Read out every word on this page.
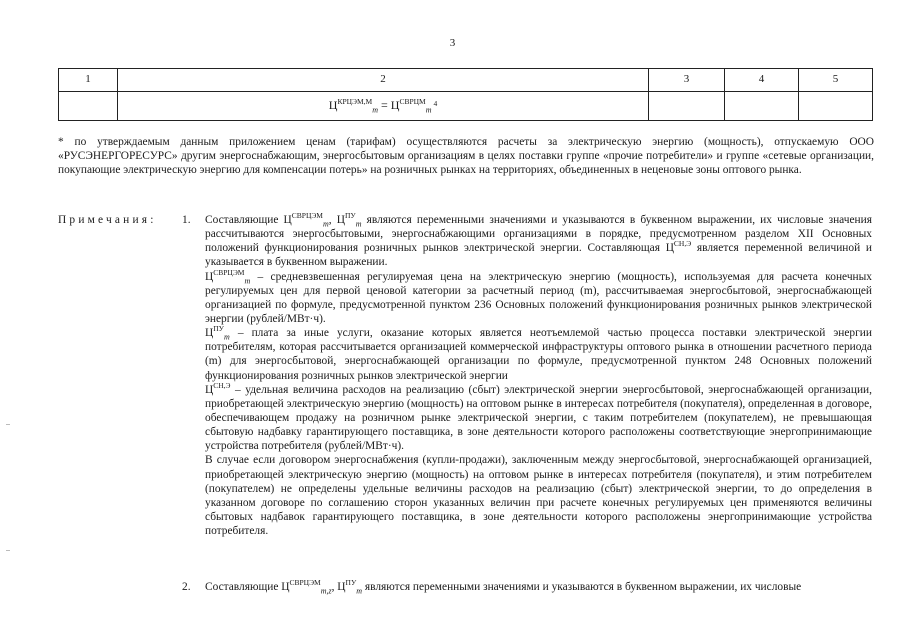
3
1	2	3	4	5
	$Ц^{КРЦЭМ,М}_m = Ц^{СВРЦМ}_m^4$			
* по утверждаемым данным приложением ценам (тарифам) осуществляются расчеты за электрическую энергию (мощность), отпускаемую ООО «РУСЭНЕРГОРЕСУРС» другим энергоснабжающим, энергосбытовым организациям в целях поставки группе «прочие потребители» и группе «сетевые организации, покупающие электрическую энергию для компенсации потерь» на розничных рынках на территориях, объединенных в неценовые зоны оптового рынка.
Примечания: 1. Составляющие $Ц^{СВРЦЭМ}_m$, $Ц^{ПУ}_m$ являются переменными значениями и указываются в буквенном выражении, их числовые значения рассчитываются энергосбытовыми, энергоснабжающими организациями в порядке, предусмотренном разделом XII Основных положений функционирования розничных рынков электрической энергии. Составляющая $Ц^{СН,Э}$ является переменной величиной и указывается в буквенном выражении.

$Ц^{СВРЦЭМ}_m$ – средневзвешенная регулируемая цена на электрическую энергию (мощность), используемая для расчета конечных регулируемых цен для первой ценовой категории за расчетный период (m), рассчитываемая энергосбытовой, энергоснабжающей организацией по формуле, предусмотренной пунктом 236 Основных положений функционирования розничных рынков электрической энергии (рублей/МВт·ч).

$Ц^{ПУ}_m$ – плата за иные услуги, оказание которых является неотъемлемой частью процесса поставки электрической энергии потребителям, которая рассчитывается организацией коммерческой инфраструктуры оптового рынка в отношении расчетного периода (m) для энергосбытовой, энергоснабжающей организации по формуле, предусмотренной пунктом 248 Основных положений функционирования розничных рынков электрической энергии

$Ц^{СН,Э}$ – удельная величина расходов на реализацию (сбыт) электрической энергии энергосбытовой, энергоснабжающей организации, приобретающей электрическую энергию (мощность) на оптовом рынке в интересах потребителя (покупателя), определенная в договоре, обеспечивающем продажу на розничном рынке электрической энергии, с таким потребителем (покупателем), не превышающая сбытовую надбавку гарантирующего поставщика, в зоне деятельности которого расположены соответствующие энергопринимающие устройства потребителя (рублей/МВт·ч).

В случае если договором энергоснабжения (купли-продажи), заключенным между энергосбытовой, энергоснабжающей организацией, приобретающей электрическую энергию (мощность) на оптовом рынке в интересах потребителя (покупателя), и этим потребителем (покупателем) не определены удельные величины расходов на реализацию (сбыт) электрической энергии, то до определения в указанном договоре по соглашению сторон указанных величин при расчете конечных регулируемых цен применяются величины сбытовых надбавок гарантирующего поставщика, в зоне деятельности которого расположены энергопринимающие устройства потребителя.

2. Составляющие $Ц^{СВРЦЭМ}_{m,z}$, $Ц^{ПУ}_m$ являются переменными значениями и указываются в буквенном выражении, их числовые
